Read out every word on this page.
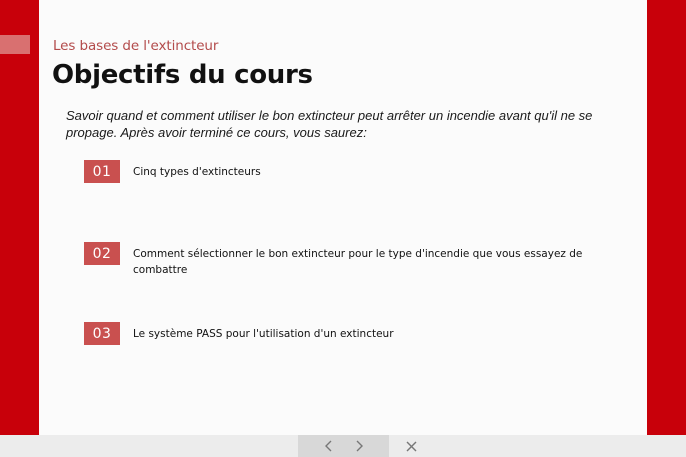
Les bases de l'extincteur
Objectifs du cours
Savoir quand et comment utiliser le bon extincteur peut arrêter un incendie avant qu'il ne se propage. Après avoir terminé ce cours, vous saurez:
01	Cinq types d'extincteurs
02	Comment sélectionner le bon extincteur pour le type d'incendie que vous essayez de combattre
03	Le système PASS pour l'utilisation d'un extincteur
